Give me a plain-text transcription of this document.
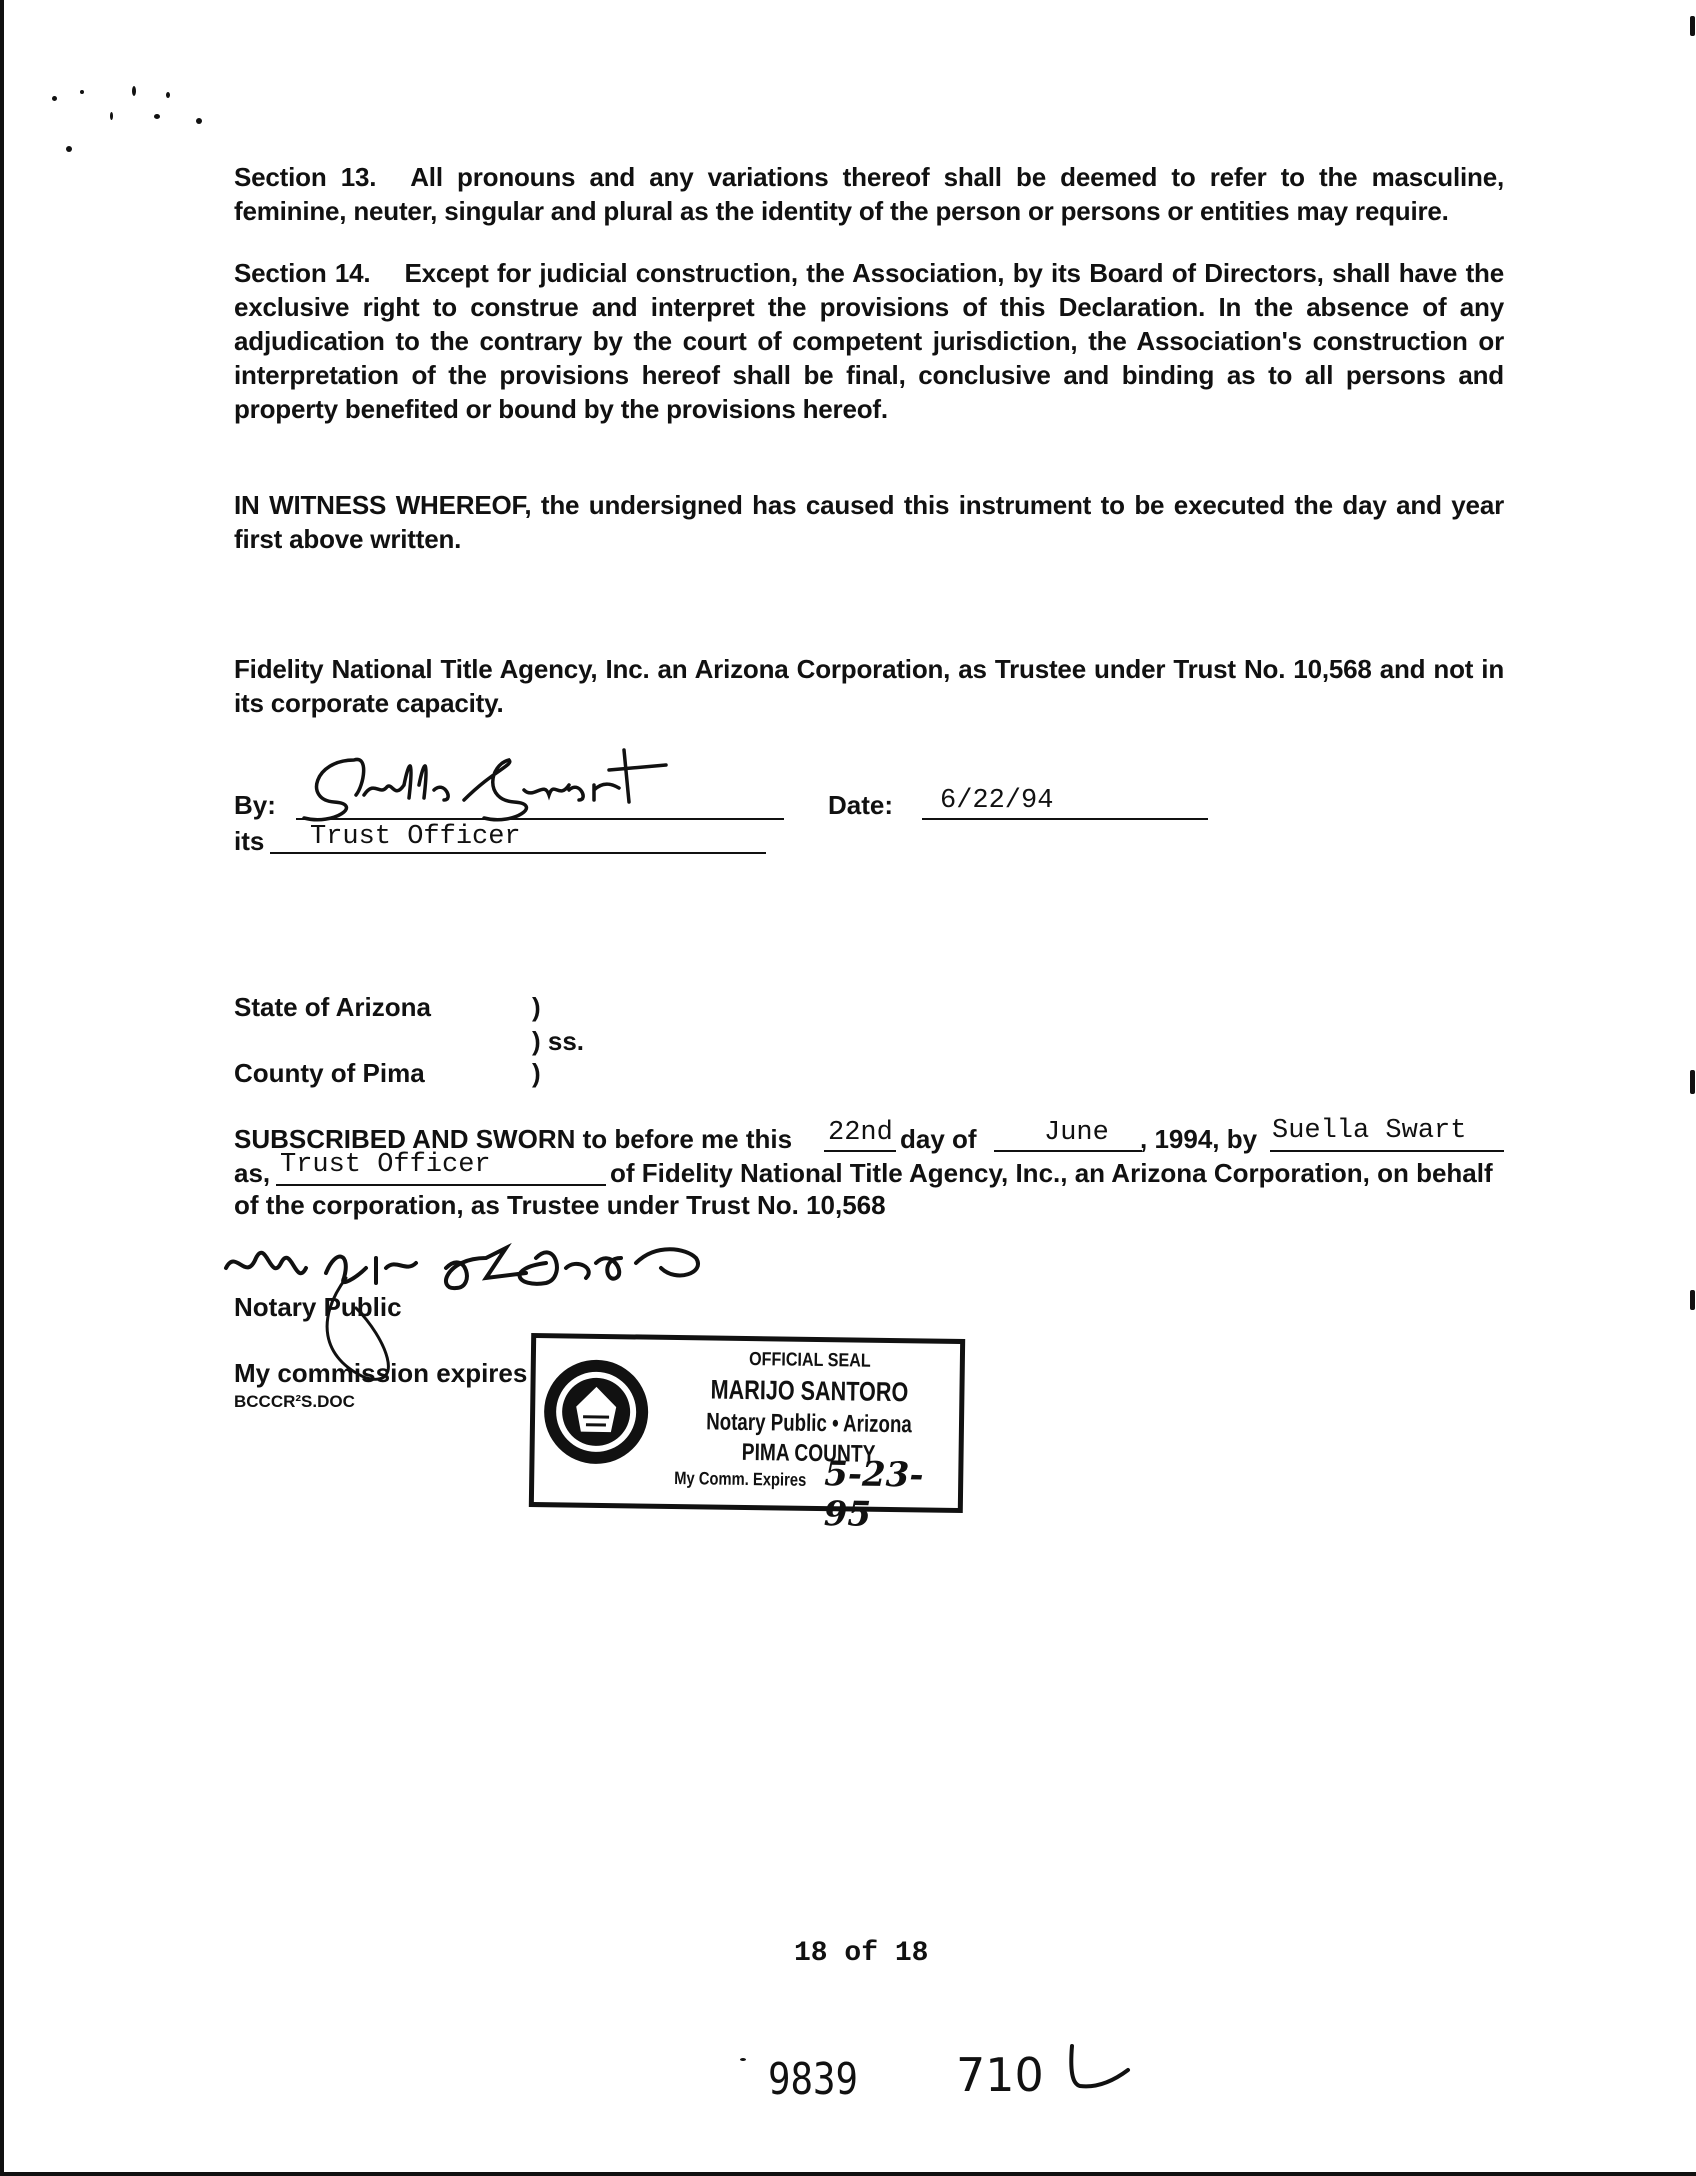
Section 13. All pronouns and any variations thereof shall be deemed to refer to the masculine, feminine, neuter, singular and plural as the identity of the person or persons or entities may require.
Section 14. Except for judicial construction, the Association, by its Board of Directors, shall have the exclusive right to construe and interpret the provisions of this Declaration. In the absence of any adjudication to the contrary by the court of competent jurisdiction, the Association's construction or interpretation of the provisions hereof shall be final, conclusive and binding as to all persons and property benefited or bound by the provisions hereof.
IN WITNESS WHEREOF, the undersigned has caused this instrument to be executed the day and year first above written.
Fidelity National Title Agency, Inc. an Arizona Corporation, as Trustee under Trust No. 10,568 and not in its corporate capacity.
By:
its Trust Officer
Date: 6/22/94
State of Arizona	)
) ss.
County of Pima	)
SUBSCRIBED AND SWORN to before me this 22nd day of June , 1994, by Suella Swart
as, Trust Officer	of Fidelity National Title Agency, Inc., an Arizona Corporation, on behalf
of the corporation, as Trustee under Trust No. 10,568
Notary Public
My commission expires
BCCCR²S.DOC
OFFICIAL SEAL
MARIJO SANTORO
Notary Public • Arizona
PIMA COUNTY
My Comm. Expires 5-23-95
18 of 18
9839 710
